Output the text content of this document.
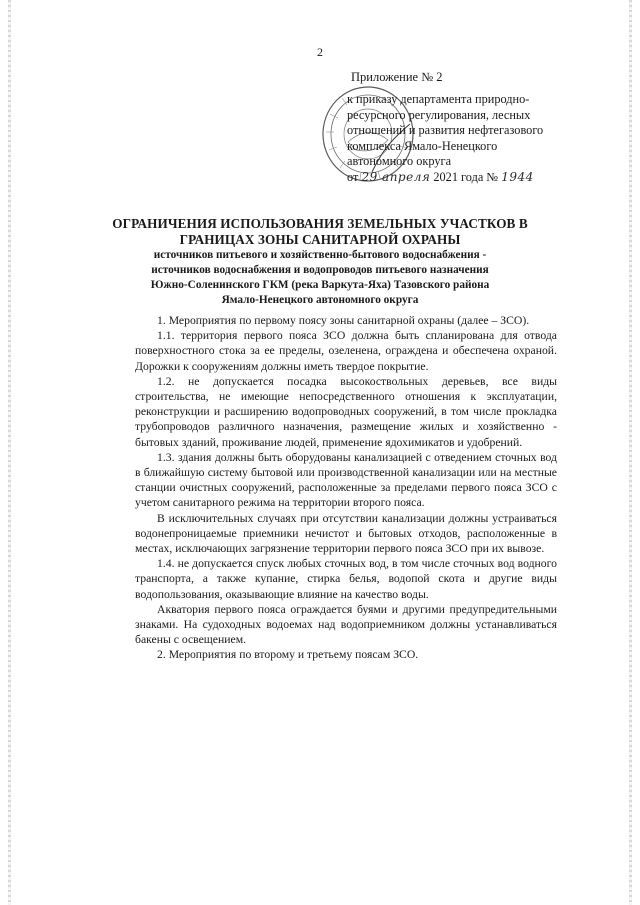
2
Приложение № 2
к приказу департамента природно-
ресурсного регулирования, лесных
отношений и развития нефтегазового
комплекса Ямало-Ненецкого
автономного округа
от 29 апреля 2021 года № 1944
ОГРАНИЧЕНИЯ ИСПОЛЬЗОВАНИЯ ЗЕМЕЛЬНЫХ УЧАСТКОВ В
ГРАНИЦАХ ЗОНЫ САНИТАРНОЙ ОХРАНЫ
источников питьевого и хозяйственно-бытового водоснабжения -
источников водоснабжения и водопроводов питьевого назначения
Южно-Соленинского ГКМ (река Варкута-Яха) Тазовского района
Ямало-Ненецкого автономного округа

1. Мероприятия по первому поясу зоны санитарной охраны (далее – ЗСО).

1.1. территория первого пояса ЗСО должна быть спланирована для отвода поверхностного стока за ее пределы, озеленена, ограждена и обеспечена охраной. Дорожки к сооружениям должны иметь твердое покрытие.

1.2. не допускается посадка высокоствольных деревьев, все виды строительства, не имеющие непосредственного отношения к эксплуатации, реконструкции и расширению водопроводных сооружений, в том числе прокладка трубопроводов различного назначения, размещение жилых и хозяйственно - бытовых зданий, проживание людей, применение ядохимикатов и удобрений.

1.3. здания должны быть оборудованы канализацией с отведением сточных вод в ближайшую систему бытовой или производственной канализации или на местные станции очистных сооружений, расположенные за пределами первого пояса ЗСО с учетом санитарного режима на территории второго пояса.

В исключительных случаях при отсутствии канализации должны устраиваться водонепроницаемые приемники нечистот и бытовых отходов, расположенные в местах, исключающих загрязнение территории первого пояса ЗСО при их вывозе.

1.4. не допускается спуск любых сточных вод, в том числе сточных вод водного транспорта, а также купание, стирка белья, водопой скота и другие виды водопользования, оказывающие влияние на качество воды.

Акватория первого пояса ограждается буями и другими предупредительными знаками. На судоходных водоемах над водоприемником должны устанавливаться бакены с освещением.

2. Мероприятия по второму и третьему поясам ЗСО.
